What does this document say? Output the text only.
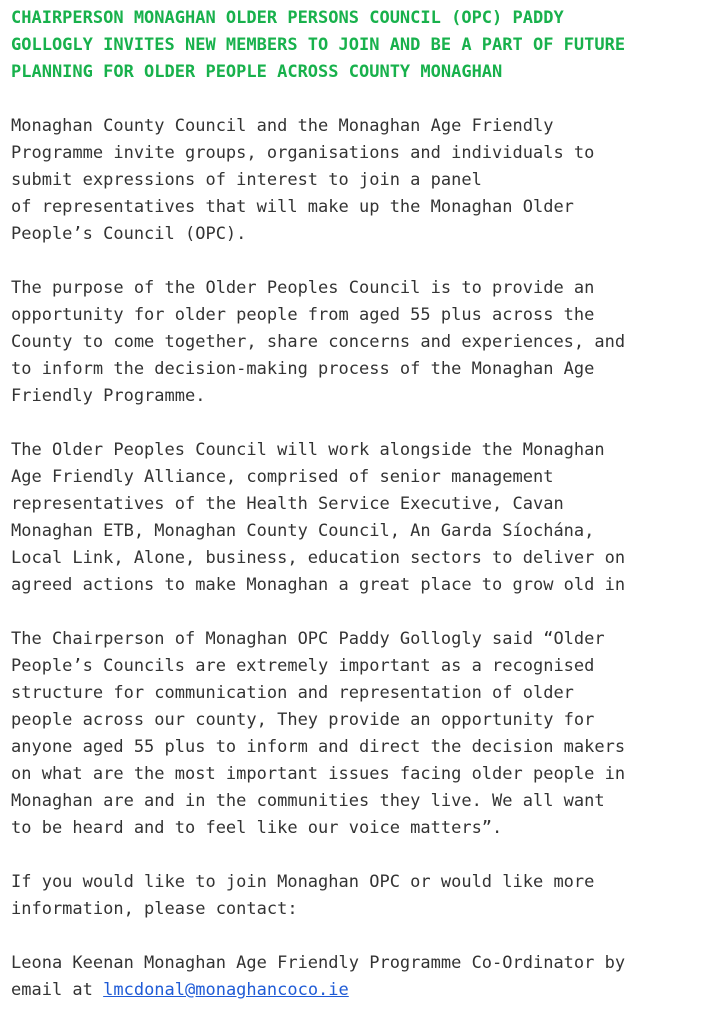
CHAIRPERSON MONAGHAN OLDER PERSONS COUNCIL (OPC) PADDY
GOLLOGLY INVITES NEW MEMBERS TO JOIN AND BE A PART OF FUTURE
PLANNING FOR OLDER PEOPLE ACROSS COUNTY MONAGHAN
Monaghan County Council and the Monaghan Age Friendly
Programme invite groups, organisations and individuals to
submit expressions of interest to join a panel
of representatives that will make up the Monaghan Older
People’s Council (OPC).
The purpose of the Older Peoples Council is to provide an
opportunity for older people from aged 55 plus across the
County to come together, share concerns and experiences, and
to inform the decision-making process of the Monaghan Age
Friendly Programme.
The Older Peoples Council will work alongside the Monaghan
Age Friendly Alliance, comprised of senior management
representatives of the Health Service Executive, Cavan
Monaghan ETB, Monaghan County Council, An Garda Síochána,
Local Link, Alone, business, education sectors to deliver on
agreed actions to make Monaghan a great place to grow old in
The Chairperson of Monaghan OPC Paddy Gollogly said “Older
People’s Councils are extremely important as a recognised
structure for communication and representation of older
people across our county, They provide an opportunity for
anyone aged 55 plus to inform and direct the decision makers
on what are the most important issues facing older people in
Monaghan are and in the communities they live. We all want
to be heard and to feel like our voice matters”.
If you would like to join Monaghan OPC or would like more
information, please contact:
Leona Keenan Monaghan Age Friendly Programme Co-Ordinator by
email at lmcdonal@monaghancoco.ie
